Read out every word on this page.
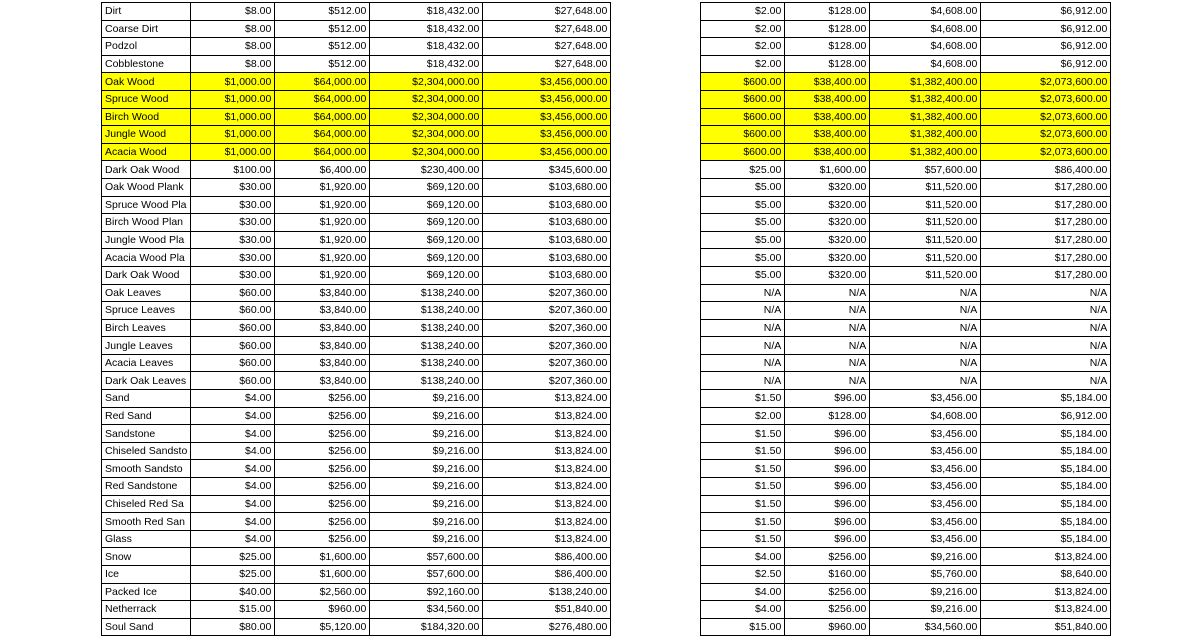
Dirt	$8.00	$512.00	$18,432.00	$27,648.00		$2.00	$128.00	$4,608.00	$6,912.00
Coarse Dirt	$8.00	$512.00	$18,432.00	$27,648.00		$2.00	$128.00	$4,608.00	$6,912.00
Podzol	$8.00	$512.00	$18,432.00	$27,648.00		$2.00	$128.00	$4,608.00	$6,912.00
Cobblestone	$8.00	$512.00	$18,432.00	$27,648.00		$2.00	$128.00	$4,608.00	$6,912.00
Oak Wood	$1,000.00	$64,000.00	$2,304,000.00	$3,456,000.00		$600.00	$38,400.00	$1,382,400.00	$2,073,600.00
Spruce Wood	$1,000.00	$64,000.00	$2,304,000.00	$3,456,000.00		$600.00	$38,400.00	$1,382,400.00	$2,073,600.00
Birch Wood	$1,000.00	$64,000.00	$2,304,000.00	$3,456,000.00		$600.00	$38,400.00	$1,382,400.00	$2,073,600.00
Jungle Wood	$1,000.00	$64,000.00	$2,304,000.00	$3,456,000.00		$600.00	$38,400.00	$1,382,400.00	$2,073,600.00
Acacia Wood	$1,000.00	$64,000.00	$2,304,000.00	$3,456,000.00		$600.00	$38,400.00	$1,382,400.00	$2,073,600.00
Dark Oak Wood	$100.00	$6,400.00	$230,400.00	$345,600.00		$25.00	$1,600.00	$57,600.00	$86,400.00
Oak Wood Plank	$30.00	$1,920.00	$69,120.00	$103,680.00		$5.00	$320.00	$11,520.00	$17,280.00
Spruce Wood Pla	$30.00	$1,920.00	$69,120.00	$103,680.00		$5.00	$320.00	$11,520.00	$17,280.00
Birch Wood Plan	$30.00	$1,920.00	$69,120.00	$103,680.00		$5.00	$320.00	$11,520.00	$17,280.00
Jungle Wood Pla	$30.00	$1,920.00	$69,120.00	$103,680.00		$5.00	$320.00	$11,520.00	$17,280.00
Acacia Wood Pla	$30.00	$1,920.00	$69,120.00	$103,680.00		$5.00	$320.00	$11,520.00	$17,280.00
Dark Oak Wood	$30.00	$1,920.00	$69,120.00	$103,680.00		$5.00	$320.00	$11,520.00	$17,280.00
Oak Leaves	$60.00	$3,840.00	$138,240.00	$207,360.00		N/A	N/A	N/A	N/A
Spruce Leaves	$60.00	$3,840.00	$138,240.00	$207,360.00		N/A	N/A	N/A	N/A
Birch Leaves	$60.00	$3,840.00	$138,240.00	$207,360.00		N/A	N/A	N/A	N/A
Jungle Leaves	$60.00	$3,840.00	$138,240.00	$207,360.00		N/A	N/A	N/A	N/A
Acacia Leaves	$60.00	$3,840.00	$138,240.00	$207,360.00		N/A	N/A	N/A	N/A
Dark Oak Leaves	$60.00	$3,840.00	$138,240.00	$207,360.00		N/A	N/A	N/A	N/A
Sand	$4.00	$256.00	$9,216.00	$13,824.00		$1.50	$96.00	$3,456.00	$5,184.00
Red Sand	$4.00	$256.00	$9,216.00	$13,824.00		$2.00	$128.00	$4,608.00	$6,912.00
Sandstone	$4.00	$256.00	$9,216.00	$13,824.00		$1.50	$96.00	$3,456.00	$5,184.00
Chiseled Sandsto	$4.00	$256.00	$9,216.00	$13,824.00		$1.50	$96.00	$3,456.00	$5,184.00
Smooth Sandsto	$4.00	$256.00	$9,216.00	$13,824.00		$1.50	$96.00	$3,456.00	$5,184.00
Red Sandstone	$4.00	$256.00	$9,216.00	$13,824.00		$1.50	$96.00	$3,456.00	$5,184.00
Chiseled Red Sa	$4.00	$256.00	$9,216.00	$13,824.00		$1.50	$96.00	$3,456.00	$5,184.00
Smooth Red San	$4.00	$256.00	$9,216.00	$13,824.00		$1.50	$96.00	$3,456.00	$5,184.00
Glass	$4.00	$256.00	$9,216.00	$13,824.00		$1.50	$96.00	$3,456.00	$5,184.00
Snow	$25.00	$1,600.00	$57,600.00	$86,400.00		$4.00	$256.00	$9,216.00	$13,824.00
Ice	$25.00	$1,600.00	$57,600.00	$86,400.00		$2.50	$160.00	$5,760.00	$8,640.00
Packed Ice	$40.00	$2,560.00	$92,160.00	$138,240.00		$4.00	$256.00	$9,216.00	$13,824.00
Netherrack	$15.00	$960.00	$34,560.00	$51,840.00		$4.00	$256.00	$9,216.00	$13,824.00
Soul Sand	$80.00	$5,120.00	$184,320.00	$276,480.00		$15.00	$960.00	$34,560.00	$51,840.00
